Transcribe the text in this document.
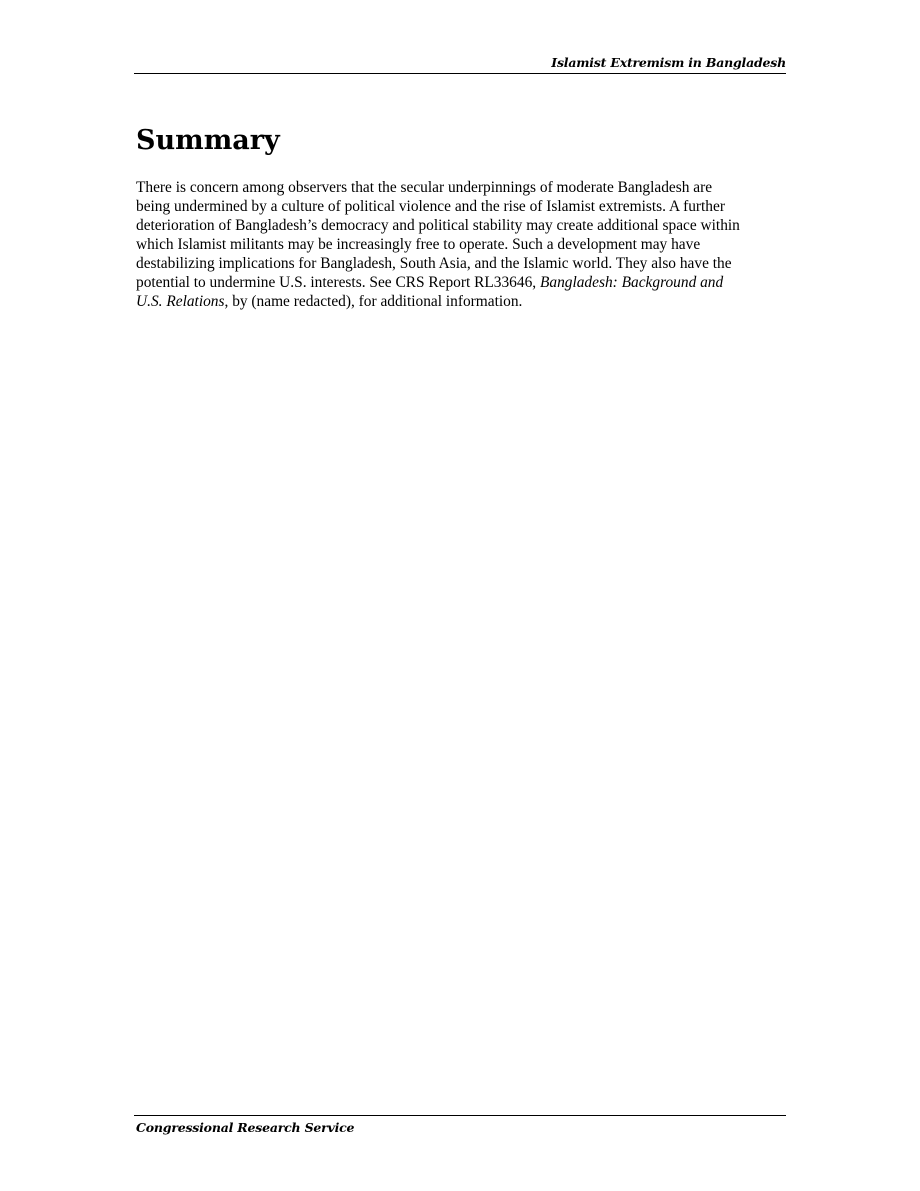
Islamist Extremism in Bangladesh
Summary

There is concern among observers that the secular underpinnings of moderate Bangladesh are
being undermined by a culture of political violence and the rise of Islamist extremists. A further
deterioration of Bangladesh’s democracy and political stability may create additional space within
which Islamist militants may be increasingly free to operate. Such a development may have
destabilizing implications for Bangladesh, South Asia, and the Islamic world. They also have the
potential to undermine U.S. interests. See CRS Report RL33646, Bangladesh: Background and
U.S. Relations, by (name redacted), for additional information.

Congressional Research Service
